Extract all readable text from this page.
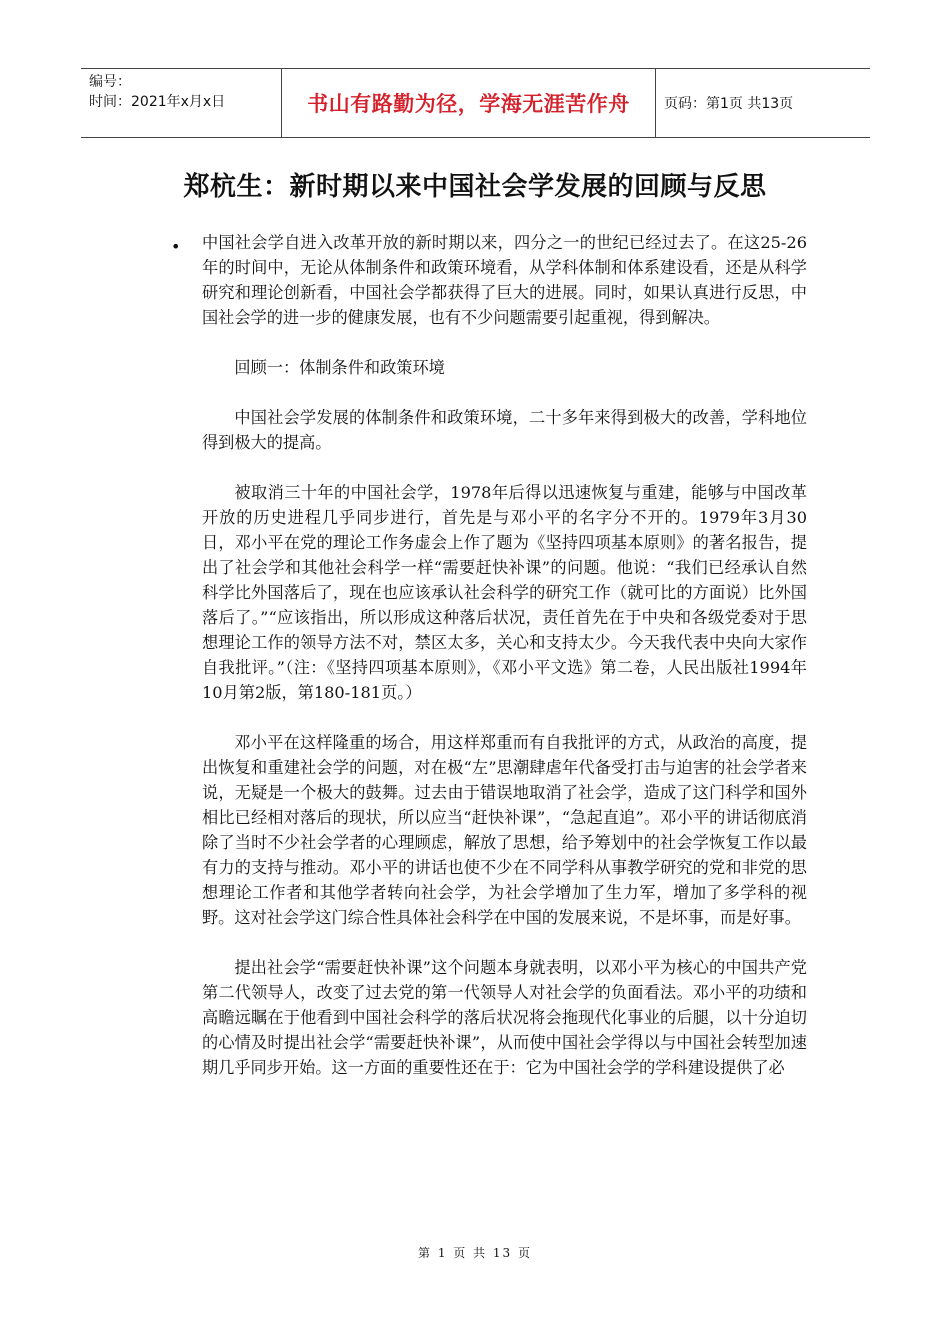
编号：
时间：2021年x月x日	书山有路勤为径，学海无涯苦作舟	页码：第1页 共13页
郑杭生：新时期以来中国社会学发展的回顾与反思
• 中国社会学自进入改革开放的新时期以来，四分之一的世纪已经过去了。在这25-26年的时间中，无论从体制条件和政策环境看，从学科体制和体系建设看，还是从科学研究和理论创新看，中国社会学都获得了巨大的进展。同时，如果认真进行反思，中国社会学的进一步的健康发展，也有不少问题需要引起重视，得到解决。

回顾一：体制条件和政策环境

中国社会学发展的体制条件和政策环境，二十多年来得到极大的改善，学科地位得到极大的提高。

被取消三十年的中国社会学，1978年后得以迅速恢复与重建，能够与中国改革开放的历史进程几乎同步进行，首先是与邓小平的名字分不开的。1979年3月30日，邓小平在党的理论工作务虚会上作了题为《坚持四项基本原则》的著名报告，提出了社会学和其他社会科学一样“需要赶快补课”的问题。他说：“我们已经承认自然科学比外国落后了，现在也应该承认社会科学的研究工作（就可比的方面说）比外国落后了。”“应该指出，所以形成这种落后状况，责任首先在于中央和各级党委对于思想理论工作的领导方法不对，禁区太多，关心和支持太少。今天我代表中央向大家作自我批评。”（注：《坚持四项基本原则》，《邓小平文选》第二卷，人民出版社1994年10月第2版，第180-181页。）

邓小平在这样隆重的场合，用这样郑重而有自我批评的方式，从政治的高度，提出恢复和重建社会学的问题，对在极“左”思潮肆虐年代备受打击与迫害的社会学者来说，无疑是一个极大的鼓舞。过去由于错误地取消了社会学，造成了这门科学和国外相比已经相对落后的现状，所以应当“赶快补课”，“急起直追”。邓小平的讲话彻底消除了当时不少社会学者的心理顾虑，解放了思想，给予筹划中的社会学恢复工作以最有力的支持与推动。邓小平的讲话也使不少在不同学科从事教学研究的党和非党的思想理论工作者和其他学者转向社会学，为社会学增加了生力军，增加了多学科的视野。这对社会学这门综合性具体社会科学在中国的发展来说，不是坏事，而是好事。

提出社会学“需要赶快补课”这个问题本身就表明，以邓小平为核心的中国共产党第二代领导人，改变了过去党的第一代领导人对社会学的负面看法。邓小平的功绩和高瞻远瞩在于他看到中国社会科学的落后状况将会拖现代化事业的后腿，以十分迫切的心情及时提出社会学“需要赶快补课”，从而使中国社会学得以与中国社会转型加速期几乎同步开始。这一方面的重要性还在于：它为中国社会学的学科建设提供了必

第 1 页 共 13 页
